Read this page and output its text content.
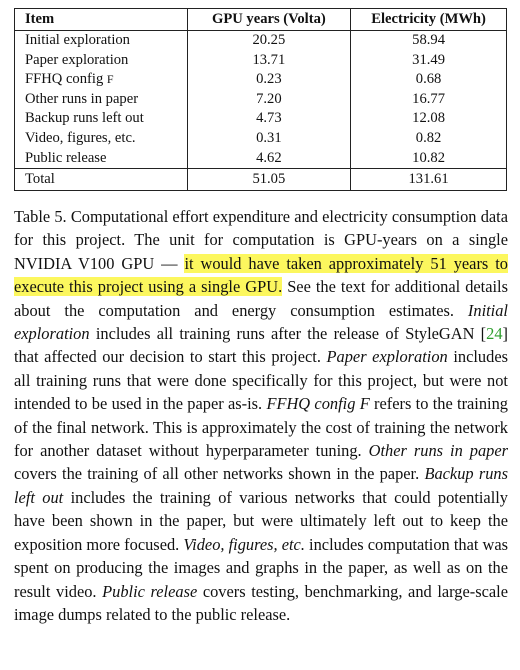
Item	GPU years (Volta)	Electricity (MWh)
Initial exploration	20.25	58.94
Paper exploration	13.71	31.49
FFHQ config F	0.23	0.68
Other runs in paper	7.20	16.77
Backup runs left out	4.73	12.08
Video, figures, etc.	0.31	0.82
Public release	4.62	10.82
Total	51.05	131.61

Table 5. Computational effort expenditure and electricity consumption data for this project. The unit for computation is GPU-years on a single NVIDIA V100 GPU — it would have taken approximately 51 years to execute this project using a single GPU. See the text for additional details about the computation and energy consumption estimates. Initial exploration includes all training runs after the release of StyleGAN [24] that affected our decision to start this project. Paper exploration includes all training runs that were done specifically for this project, but were not intended to be used in the paper as-is. FFHQ config F refers to the training of the final network. This is approximately the cost of training the network for another dataset without hyperparameter tuning. Other runs in paper covers the training of all other networks shown in the paper. Backup runs left out includes the training of various networks that could potentially have been shown in the paper, but were ultimately left out to keep the exposition more focused. Video, figures, etc. includes computation that was spent on producing the images and graphs in the paper, as well as on the result video. Public release covers testing, benchmarking, and large-scale image dumps related to the public release.
